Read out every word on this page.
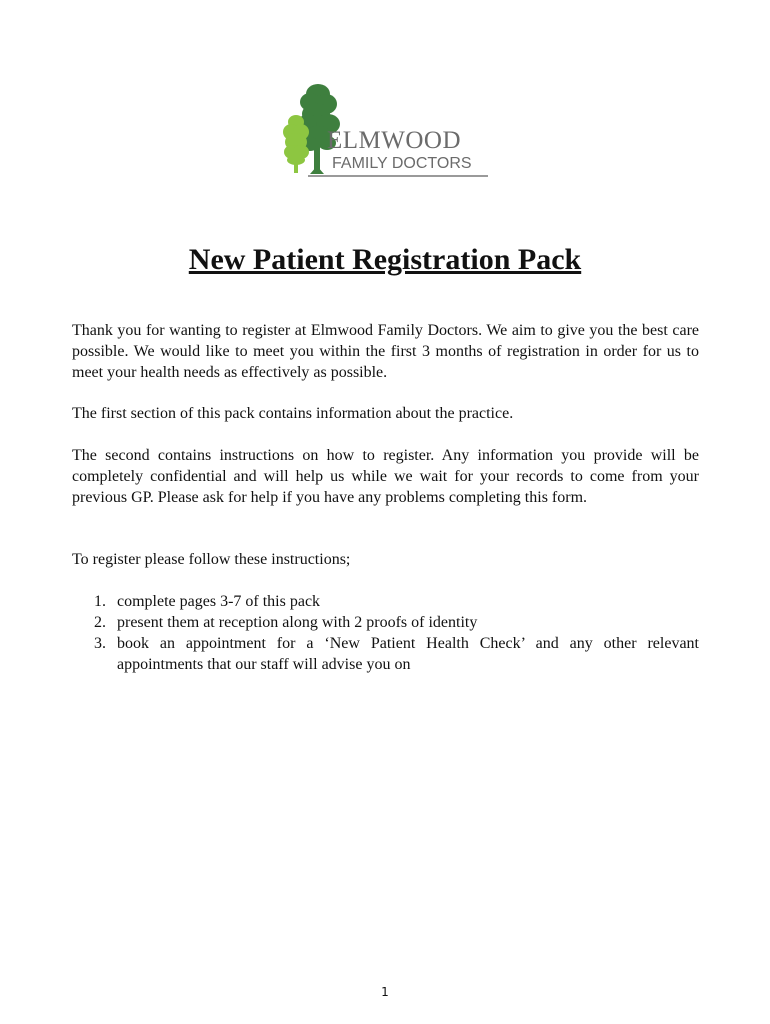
ELMWOOD
FAMILY DOCTORS
New Patient Registration Pack

Thank you for wanting to register at Elmwood Family Doctors. We aim to give you the best care possible. We would like to meet you within the first 3 months of registration in order for us to meet your health needs as effectively as possible.

The first section of this pack contains information about the practice.

The second contains instructions on how to register. Any information you provide will be completely confidential and will help us while we wait for your records to come from your previous GP. Please ask for help if you have any problems completing this form.

To register please follow these instructions;

1. complete pages 3-7 of this pack
2. present them at reception along with 2 proofs of identity
3. book an appointment for a ‘New Patient Health Check’ and any other relevant appointments that our staff will advise you on
1
